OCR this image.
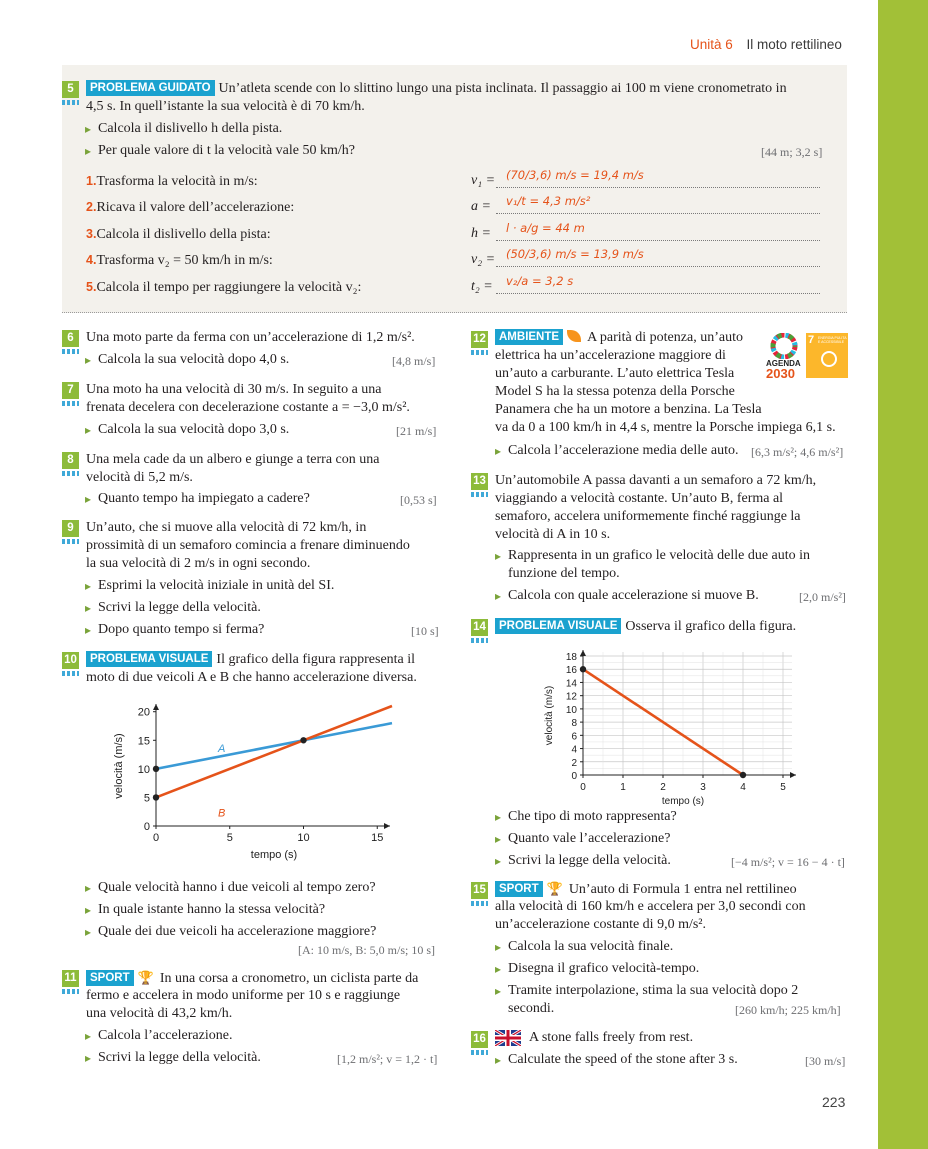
Unità 6 Il moto rettilineo
5	PROBLEMA GUIDATO Un’atleta scende con lo slittino lungo una pista inclinata. Il passaggio ai 100 m viene cronometrato in
4,5 s. In quell’istante la sua velocità è di 70 km/h.
▸ Calcola il dislivello h della pista.
▸ Per quale valore di t la velocità vale 50 km/h?	[44 m; 3,2 s]
1.Trasforma la velocità in m/s:	v₁ = (70/3,6) m/s = 19,4 m/s
2.Ricava il valore dell’accelerazione:	a = v₁/t = 4,3 m/s²
3.Calcola il dislivello della pista:	h = l · a/g = 44 m
4.Trasforma v₂ = 50 km/h in m/s:	v₂ = (50/3,6) m/s = 13,9 m/s
5.Calcola il tempo per raggiungere la velocità v₂:	t₂ = v₂/a = 3,2 s
6 Una moto parte da ferma con un’accelerazione di 1,2 m/s².
▸ Calcola la sua velocità dopo 4,0 s.	[4,8 m/s]
7 Una moto ha una velocità di 30 m/s. In seguito a una
frenata decelera con decelerazione costante a = −3,0 m/s².
▸ Calcola la sua velocità dopo 3,0 s.	[21 m/s]
8 Una mela cade da un albero e giunge a terra con una
velocità di 5,2 m/s.
▸ Quanto tempo ha impiegato a cadere?	[0,53 s]
9 Un’auto, che si muove alla velocità di 72 km/h, in
prossimità di un semaforo comincia a frenare diminuendo
la sua velocità di 2 m/s in ogni secondo.
▸ Esprimi la velocità iniziale in unità del SI.
▸ Scrivi la legge della velocità.
▸ Dopo quanto tempo si ferma?	[10 s]
10	PROBLEMA VISUALE Il grafico della figura rappresenta il
moto di due veicoli A e B che hanno accelerazione diversa.
0	5	10	15
0
5
10
15
20
tempo (s)
velocità (m/s)	A
B
▸ Quale velocità hanno i due veicoli al tempo zero?
▸ In quale istante hanno la stessa velocità?
▸ Quale dei due veicoli ha accelerazione maggiore?
[A: 10 m/s, B: 5,0 m/s; 10 s]
11	SPORT 🏆 In una corsa a cronometro, un ciclista parte da
fermo e accelera in modo uniforme per 10 s e raggiunge
una velocità di 43,2 km/h.
▸ Calcola l’accelerazione.
▸ Scrivi la legge della velocità.	[1,2 m/s²; v = 1,2 · t]
12	AMBIENTE A parità di potenza, un’auto
elettrica ha un’accelerazione maggiore di
un’auto a carburante. L’auto elettrica Tesla
Model S ha la stessa potenza della Porsche
Panamera che ha un motore a benzina. La Tesla
va da 0 a 100 km/h in 4,4 s, mentre la Porsche impiega 6,1 s.
▸ Calcola l’accelerazione media delle auto. [6,3 m/s²; 4,6 m/s²]
AGENDA
2030
7 ENERGIA PULITA
E ACCESSIBILE
13 Un’automobile A passa davanti a un semaforo a 72 km/h,
viaggiando a velocità costante. Un’auto B, ferma al
semaforo, accelera uniformemente finché raggiunge la
velocità di A in 10 s.
▸ Rappresenta in un grafico le velocità delle due auto in
funzione del tempo.
▸ Calcola con quale accelerazione si muove B.	[2,0 m/s²]
14	PROBLEMA VISUALE Osserva il grafico della figura.
0	1	2	3	4	5
0
2
4
6
8
10
12
14
16
18
tempo (s)
velocità (m/s)
▸ Che tipo di moto rappresenta?
▸ Quanto vale l’accelerazione?
▸ Scrivi la legge della velocità.	[−4 m/s²; v = 16 − 4 · t]
15	SPORT 🏆 Un’auto di Formula 1 entra nel rettilineo
alla velocità di 160 km/h e accelera per 3,0 secondi con
un’accelerazione costante di 9,0 m/s².
▸ Calcola la sua velocità finale.
▸ Disegna il grafico velocità-tempo.
▸ Tramite interpolazione, stima la sua velocità dopo 2
secondi.	[260 km/h; 225 km/h]
16	A stone falls freely from rest.
▸ Calculate the speed of the stone after 3 s.	[30 m/s]
223
